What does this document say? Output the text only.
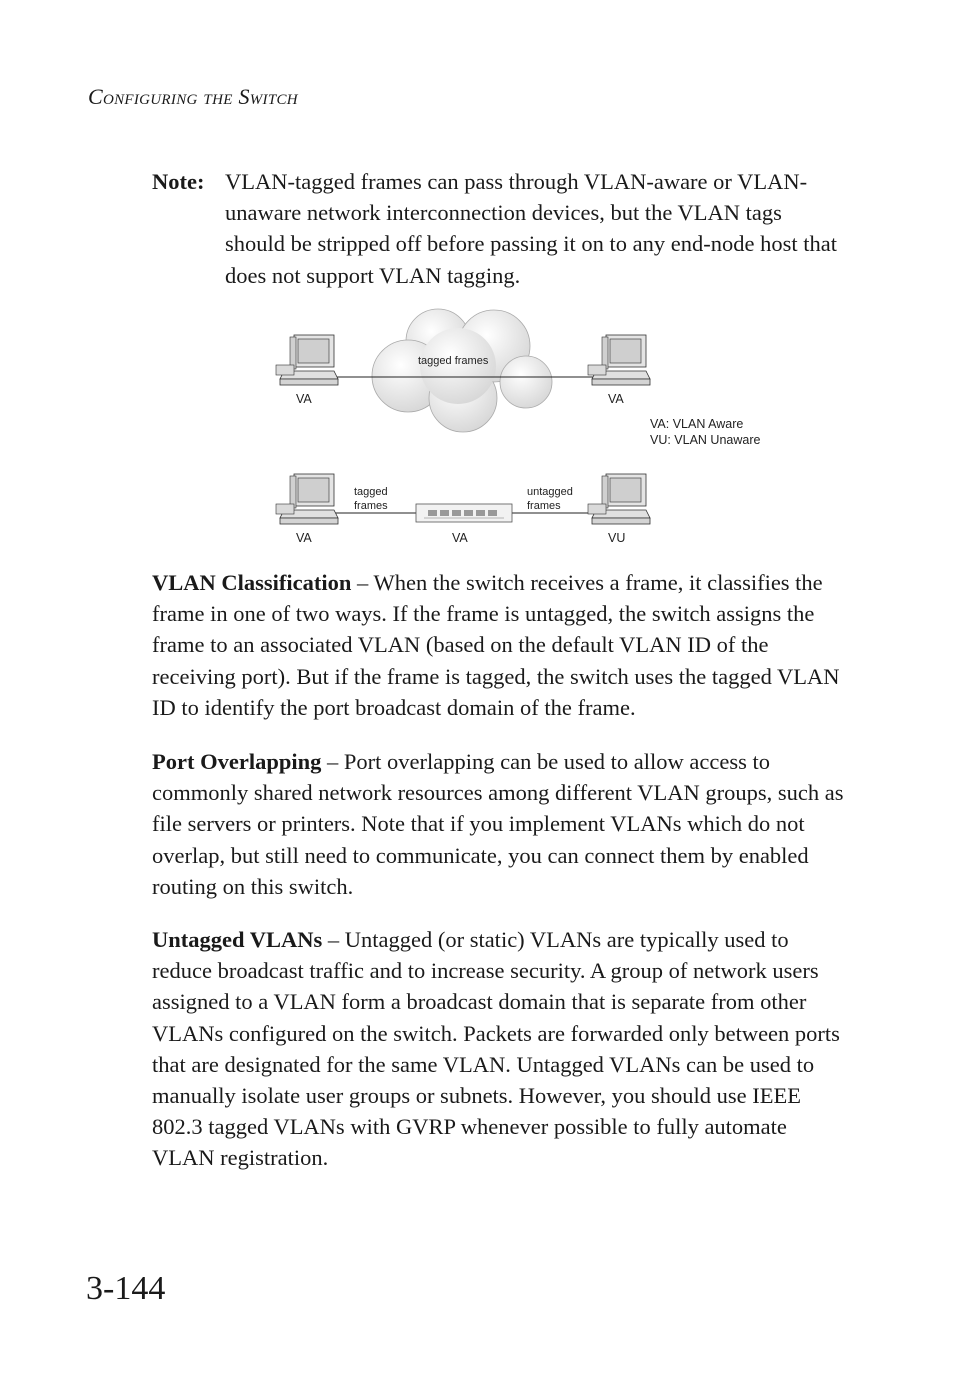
Configuring the Switch
Note: VLAN-tagged frames can pass through VLAN-aware or VLAN-unaware network interconnection devices, but the VLAN tags should be stripped off before passing it on to any end-node host that does not support VLAN tagging.
tagged frames
VA	VA
VA: VLAN Aware
VU: VLAN Unaware
tagged
frames
untagged
frames
VA	VA	VU
VLAN Classification – When the switch receives a frame, it classifies the frame in one of two ways. If the frame is untagged, the switch assigns the frame to an associated VLAN (based on the default VLAN ID of the receiving port). But if the frame is tagged, the switch uses the tagged VLAN ID to identify the port broadcast domain of the frame.
Port Overlapping – Port overlapping can be used to allow access to commonly shared network resources among different VLAN groups, such as file servers or printers. Note that if you implement VLANs which do not overlap, but still need to communicate, you can connect them by enabled routing on this switch.
Untagged VLANs – Untagged (or static) VLANs are typically used to reduce broadcast traffic and to increase security. A group of network users assigned to a VLAN form a broadcast domain that is separate from other VLANs configured on the switch. Packets are forwarded only between ports that are designated for the same VLAN. Untagged VLANs can be used to manually isolate user groups or subnets. However, you should use IEEE 802.3 tagged VLANs with GVRP whenever possible to fully automate VLAN registration.
3-144
